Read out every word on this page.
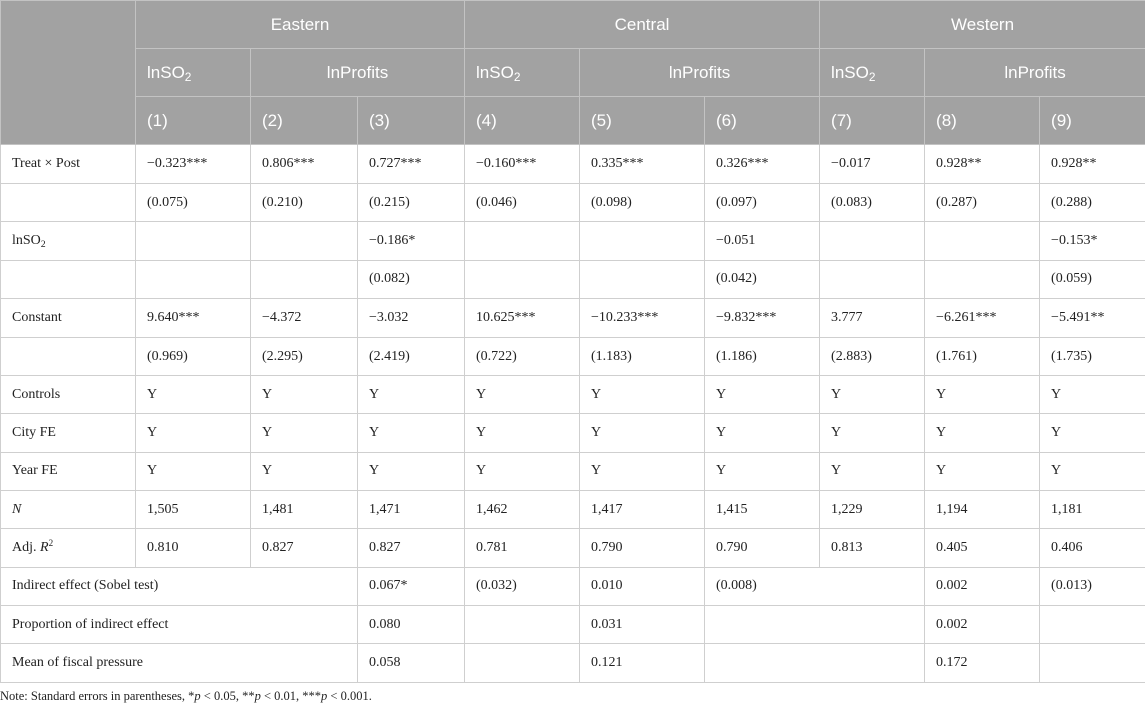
	Eastern			Central			Western		
	lnSO$_2$	lnProfits		lnSO$_2$	lnProfits		lnSO$_2$	lnProfits	
	(1)	(2)	(3)	(4)	(5)	(6)	(7)	(8)	(9)
Treat × Post	−0.323***	0.806***	0.727***	−0.160***	0.335***	0.326***	−0.017	0.928**	0.928**
	(0.075)	(0.210)	(0.215)	(0.046)	(0.098)	(0.097)	(0.083)	(0.287)	(0.288)
lnSO$_2$			−0.186*			−0.051			−0.153*
			(0.082)			(0.042)			(0.059)
Constant	9.640***	−4.372	−3.032	10.625***	−10.233***	−9.832***	3.777	−6.261***	−5.491**
	(0.969)	(2.295)	(2.419)	(0.722)	(1.183)	(1.186)	(2.883)	(1.761)	(1.735)
Controls	Y	Y	Y	Y	Y	Y	Y	Y	Y
City FE	Y	Y	Y	Y	Y	Y	Y	Y	Y
Year FE	Y	Y	Y	Y	Y	Y	Y	Y	Y
N	1,505	1,481	1,471	1,462	1,417	1,415	1,229	1,194	1,181
Adj. $R^2$	0.810	0.827	0.827	0.781	0.790	0.790	0.813	0.405	0.406
Indirect effect (Sobel test)			0.067*	(0.032)	0.010	(0.008)		0.002	(0.013)
Proportion of indirect effect			0.080		0.031			0.002	
Mean of fiscal pressure			0.058		0.121			0.172	
Note: Standard errors in parentheses, *p < 0.05, **p < 0.01, ***p < 0.001.
